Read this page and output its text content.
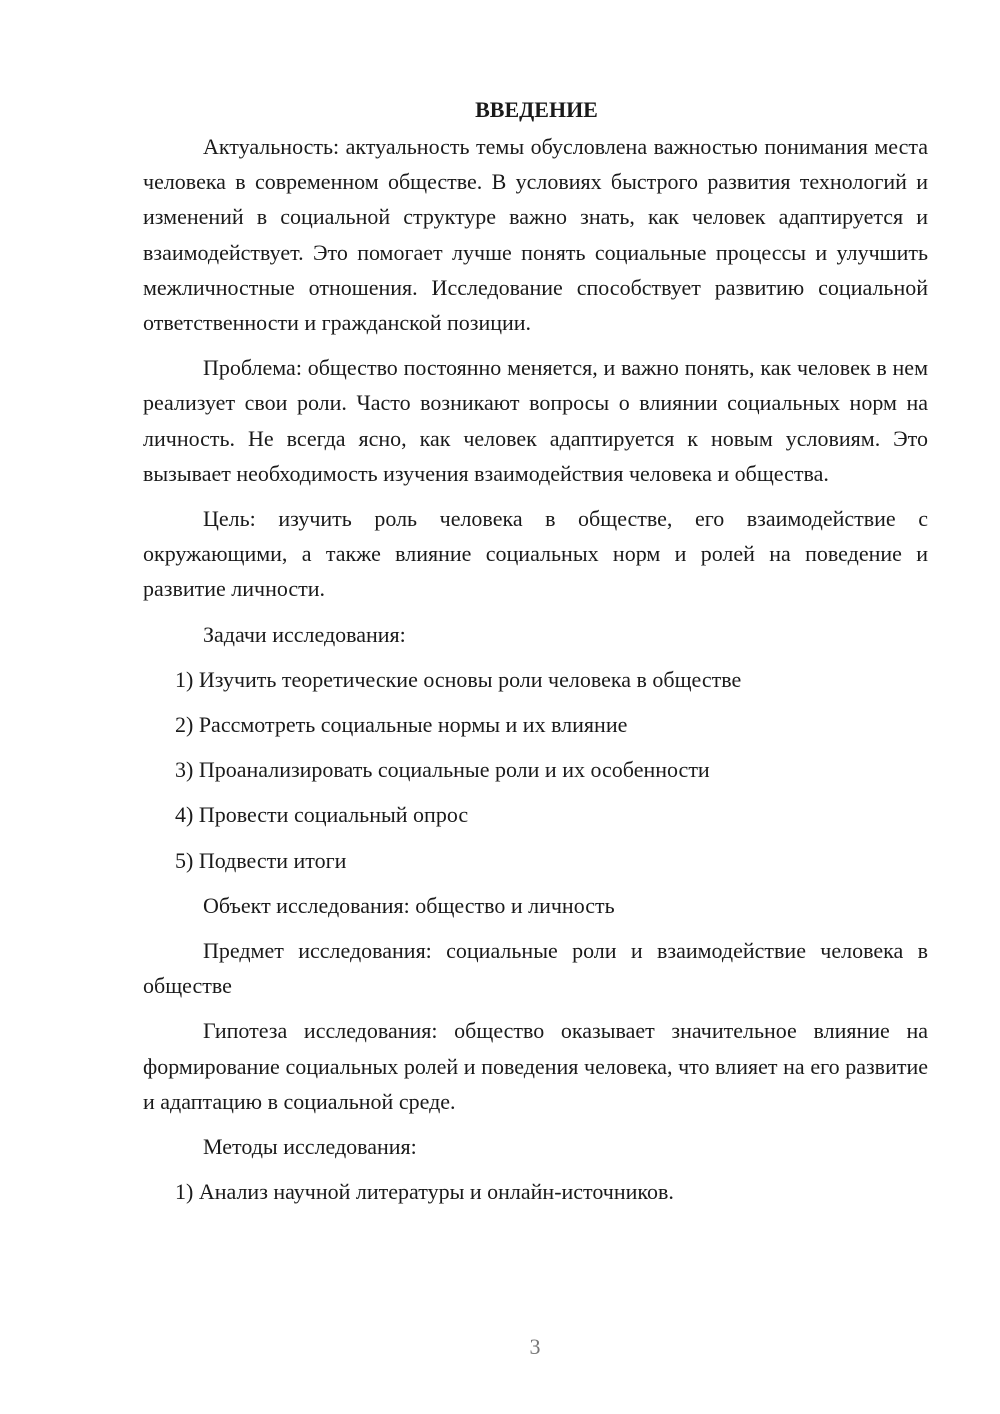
ВВЕДЕНИЕ

Актуальность: актуальность темы обусловлена важностью понимания места человека в современном обществе. В условиях быстрого развития технологий и изменений в социальной структуре важно знать, как человек адаптируется и взаимодействует. Это помогает лучше понять социальные процессы и улучшить межличностные отношения. Исследование способствует развитию социальной ответственности и гражданской позиции.

Проблема: общество постоянно меняется, и важно понять, как человек в нем реализует свои роли. Часто возникают вопросы о влиянии социальных норм на личность. Не всегда ясно, как человек адаптируется к новым условиям. Это вызывает необходимость изучения взаимодействия человека и общества.

Цель: изучить роль человека в обществе, его взаимодействие с окружающими, а также влияние социальных норм и ролей на поведение и развитие личности.

Задачи исследования:
1) Изучить теоретические основы роли человека в обществе
2) Рассмотреть социальные нормы и их влияние
3) Проанализировать социальные роли и их особенности
4) Провести социальный опрос
5) Подвести итоги
Объект исследования: общество и личность

Предмет исследования: социальные роли и взаимодействие человека в обществе

Гипотеза исследования: общество оказывает значительное влияние на формирование социальных ролей и поведения человека, что влияет на его развитие и адаптацию в социальной среде.

Методы исследования:
1) Анализ научной литературы и онлайн-источников.
3
